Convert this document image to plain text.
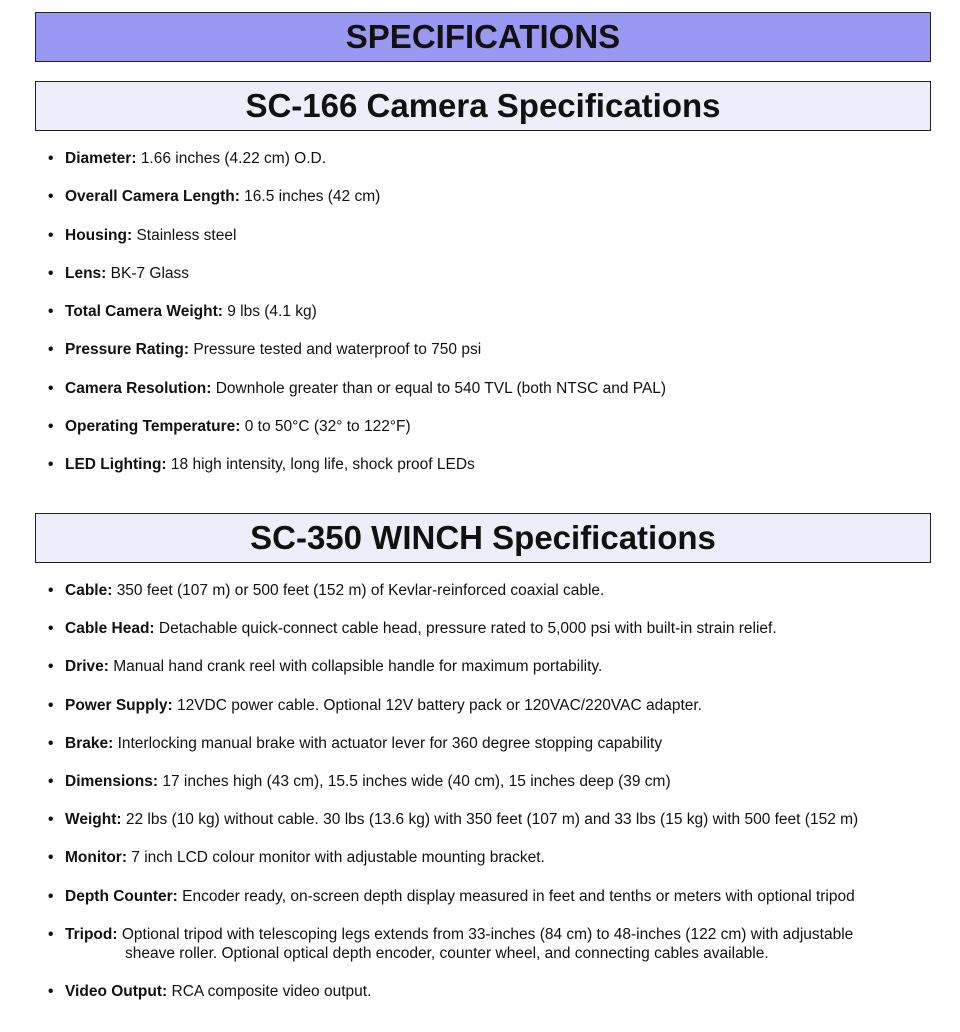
SPECIFICATIONS
SC-166 Camera Specifications
• Diameter: 1.66 inches (4.22 cm) O.D.
• Overall Camera Length: 16.5 inches (42 cm)
• Housing: Stainless steel
• Lens: BK-7 Glass
• Total Camera Weight: 9 lbs (4.1 kg)
• Pressure Rating: Pressure tested and waterproof to 750 psi
• Camera Resolution: Downhole greater than or equal to 540 TVL (both NTSC and PAL)
• Operating Temperature: 0 to 50°C (32° to 122°F)
• LED Lighting: 18 high intensity, long life, shock proof LEDs
SC-350 WINCH Specifications
• Cable: 350 feet (107 m) or 500 feet (152 m) of Kevlar-reinforced coaxial cable.
• Cable Head: Detachable quick-connect cable head, pressure rated to 5,000 psi with built-in strain relief.
• Drive: Manual hand crank reel with collapsible handle for maximum portability.
• Power Supply: 12VDC power cable. Optional 12V battery pack or 120VAC/220VAC adapter.
• Brake: Interlocking manual brake with actuator lever for 360 degree stopping capability
• Dimensions: 17 inches high (43 cm), 15.5 inches wide (40 cm), 15 inches deep (39 cm)
• Weight: 22 lbs (10 kg) without cable. 30 lbs (13.6 kg) with 350 feet (107 m) and 33 lbs (15 kg) with 500 feet (152 m)
• Monitor: 7 inch LCD colour monitor with adjustable mounting bracket.
• Depth Counter: Encoder ready, on-screen depth display measured in feet and tenths or meters with optional tripod
• Tripod: Optional tripod with telescoping legs extends from 33-inches (84 cm) to 48-inches (122 cm) with adjustable
sheave roller. Optional optical depth encoder, counter wheel, and connecting cables available.
• Video Output: RCA composite video output.
